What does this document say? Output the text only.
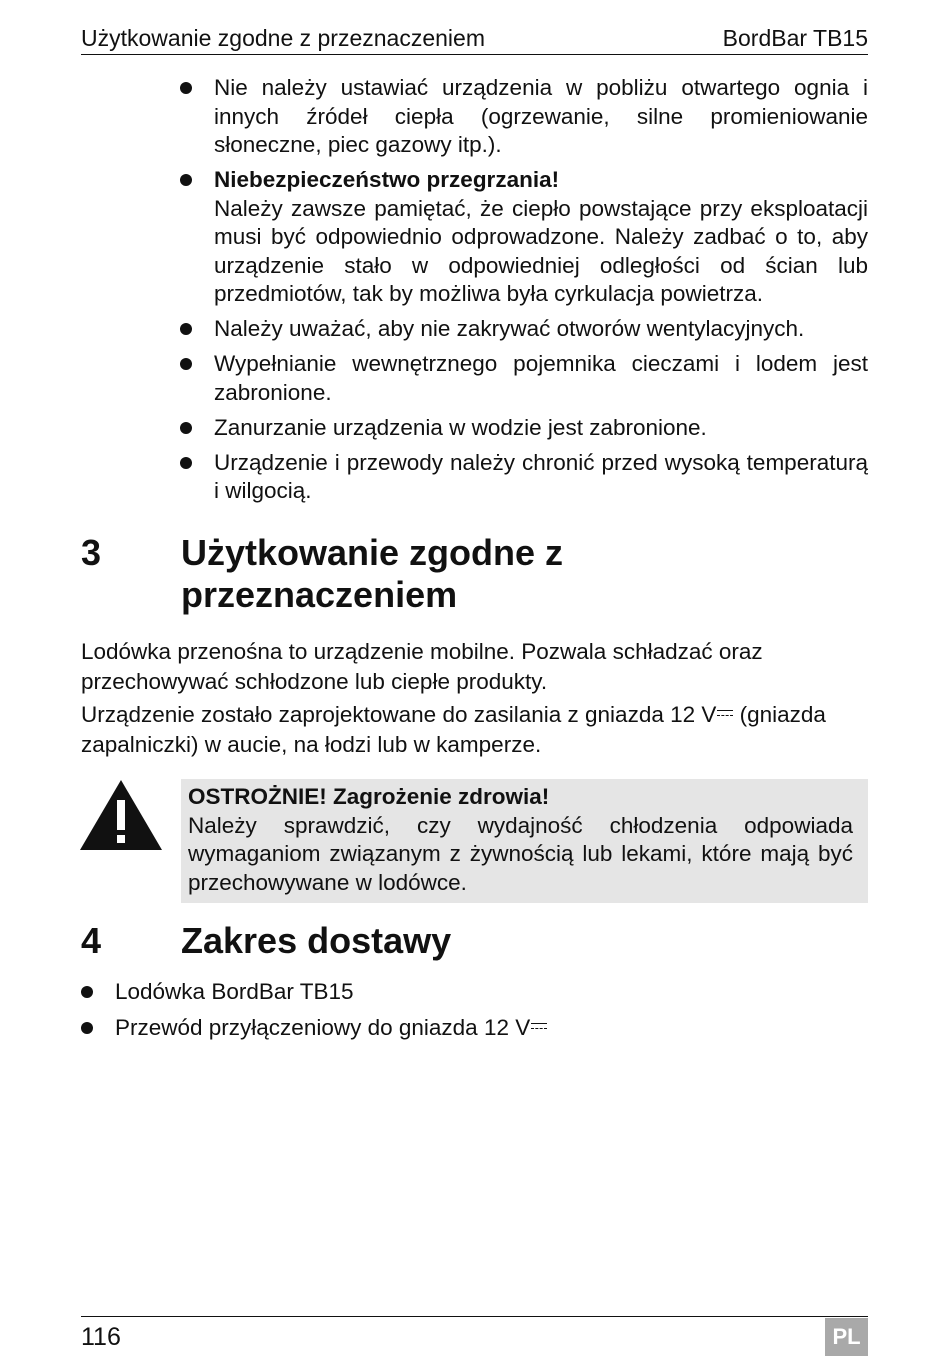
Użytkowanie zgodne z przeznaczeniem	BordBar TB15
Nie należy ustawiać urządzenia w pobliżu otwartego ognia i innych źródeł ciepła (ogrzewanie, silne promieniowanie słoneczne, piec gazowy itp.).
Niebezpieczeństwo przegrzania!
Należy zawsze pamiętać, że ciepło powstające przy eksploatacji musi być odpowiednio odprowadzone. Należy zadbać o to, aby urządzenie stało w odpowiedniej odległości od ścian lub przedmiotów, tak by możliwa była cyrkulacja powietrza.
Należy uważać, aby nie zakrywać otworów wentylacyjnych.
Wypełnianie wewnętrznego pojemnika cieczami i lodem jest zabronione.
Zanurzanie urządzenia w wodzie jest zabronione.
Urządzenie i przewody należy chronić przed wysoką temperaturą i wilgocią.
3 Użytkowanie zgodne z przeznaczeniem

Lodówka przenośna to urządzenie mobilne. Pozwala schładzać oraz przechowywać schłodzone lub ciepłe produkty.

Urządzenie zostało zaprojektowane do zasilania z gniazda 12 V (gniazda zapalniczki) w aucie, na łodzi lub w kamperze.

OSTROŻNIE! Zagrożenie zdrowia!
Należy sprawdzić, czy wydajność chłodzenia odpowiada wymaganiom związanym z żywnością lub lekami, które mają być przechowywane w lodówce.
4 Zakres dostawy
Lodówka BordBar TB15
Przewód przyłączeniowy do gniazda 12 V
116	PL
